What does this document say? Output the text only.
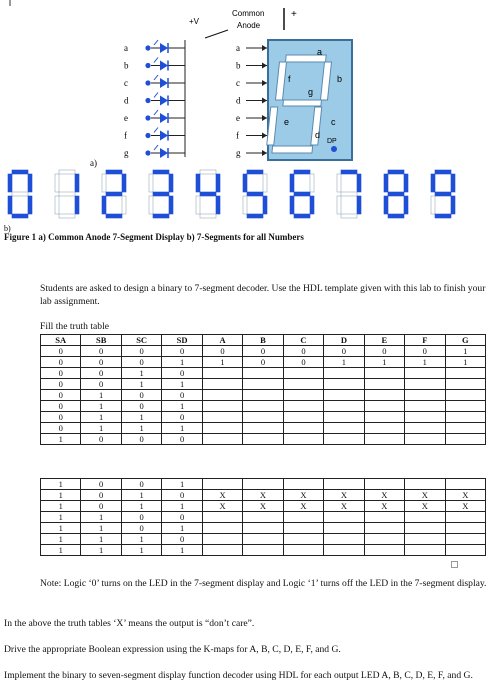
Common
Anode
+V
+
a
b
c
d
e
f
g
a
b
c
d
e
f
g
a
b
c
d
e
f
g
DP
a)
b)
Figure 1 a) Common Anode 7-Segment Display b) 7-Segments for all Numbers
Students are asked to design a binary to 7-segment decoder. Use the HDL template given with this lab to finish your lab assignment.
Fill the truth table
SA	SB	SC	SD	A	B	C	D	E	F	G
0	0	0	0	0	0	0	0	0	0	1
0	0	0	1	1	0	0	1	1	1	1
0	0	1	0							
0	0	1	1							
0	1	0	0							
0	1	0	1							
0	1	1	0							
0	1	1	1							
1	0	0	0							
1	0	0	1							
1	0	1	0	X	X	X	X	X	X	X
1	0	1	1	X	X	X	X	X	X	X
1	1	0	0							
1	1	0	1							
1	1	1	0							
1	1	1	1							
Note: Logic ‘0’ turns on the LED in the 7-segment display and Logic ‘1’ turns off the LED in the 7-segment display.
In the above the truth tables ‘X’ means the output is “don’t care”.
Drive the appropriate Boolean expression using the K-maps for A, B, C, D, E, F, and G.
Implement the binary to seven-segment display function decoder using HDL for each output LED A, B, C, D, E, F, and G.
